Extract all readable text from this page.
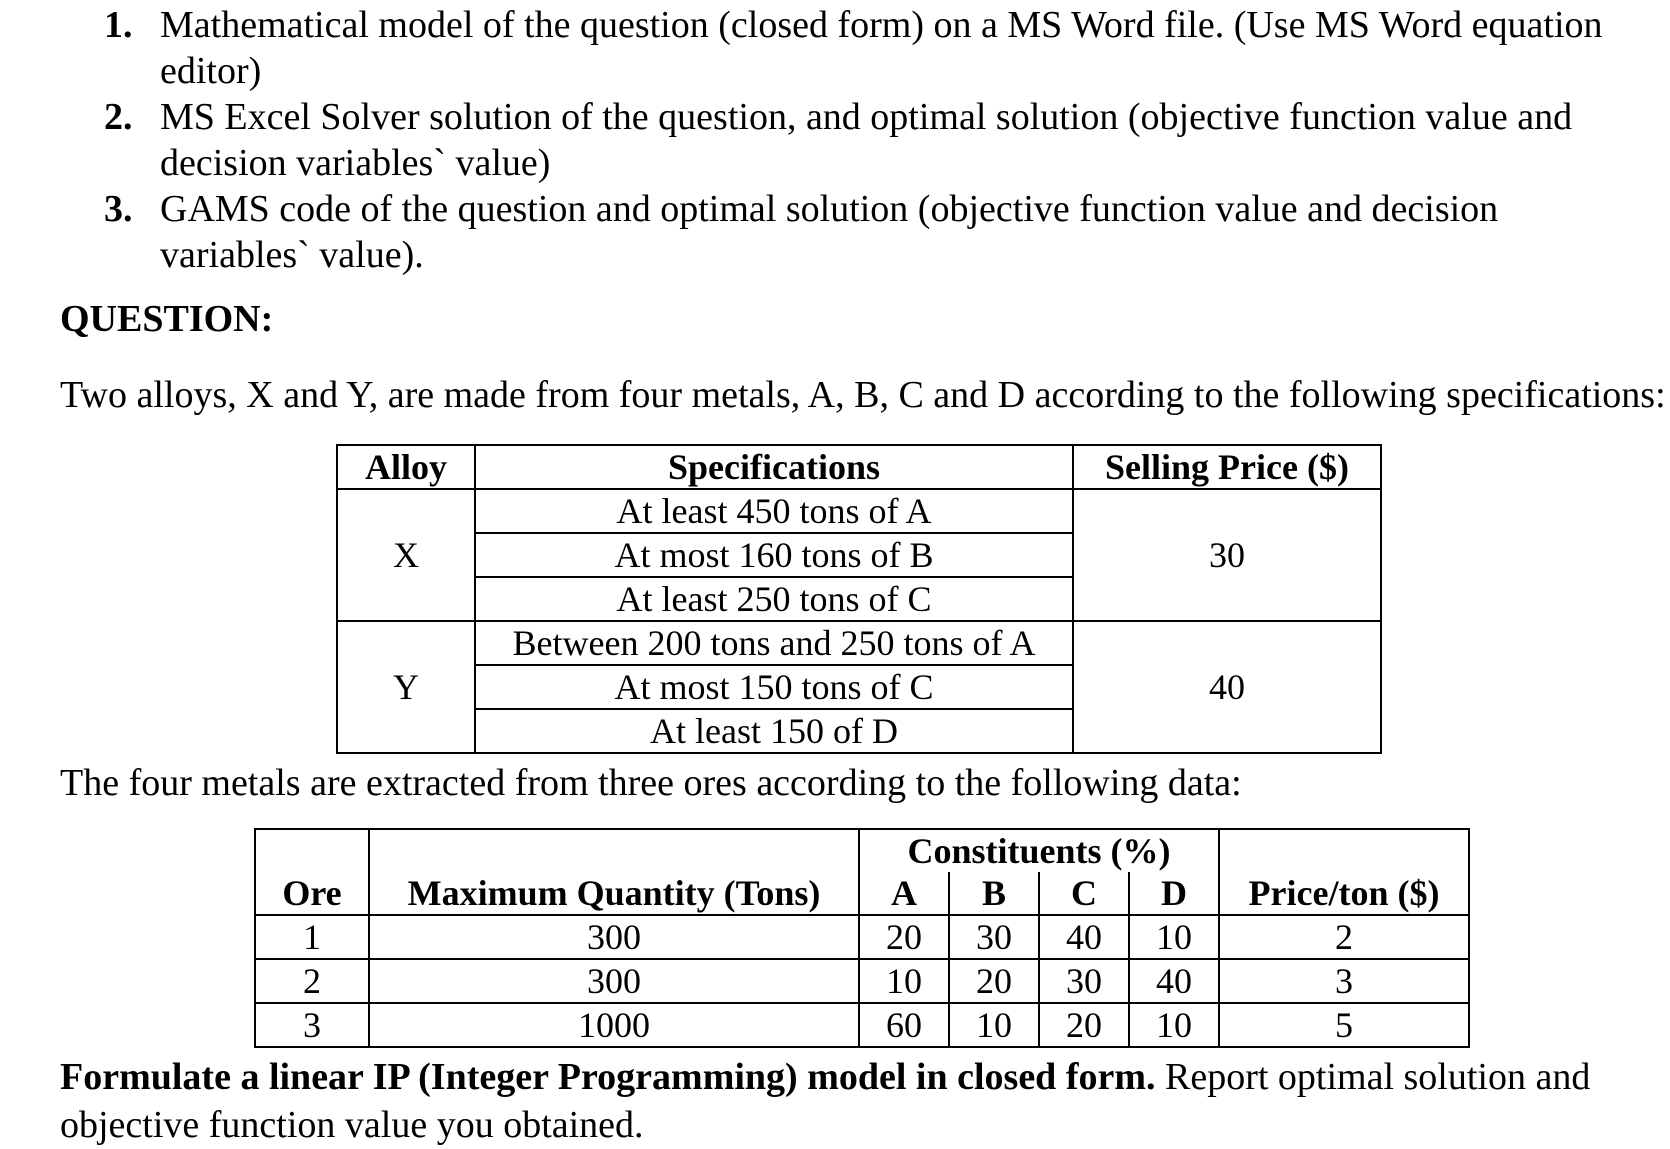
1. Mathematical model of the question (closed form) on a MS Word file. (Use MS Word equation editor)
2. MS Excel Solver solution of the question, and optimal solution (objective function value and decision variables` value)
3. GAMS code of the question and optimal solution (objective function value and decision variables` value).
QUESTION:
Two alloys, X and Y, are made from four metals, A, B, C and D according to the following specifications:
Alloy	Specifications	Selling Price ($)
X	At least 450 tons of A	30
	At most 160 tons of B	
	At least 250 tons of C	
Y	Between 200 tons and 250 tons of A	40
	At most 150 tons of C	
	At least 150 of D	
The four metals are extracted from three ores according to the following data:
		Constituents (%)				
Ore	Maximum Quantity (Tons)	A	B	C	D	Price/ton ($)
1	300	20	30	40	10	2
2	300	10	20	30	40	3
3	1000	60	10	20	10	5
Formulate a linear IP (Integer Programming) model in closed form. Report optimal solution and objective function value you obtained.
